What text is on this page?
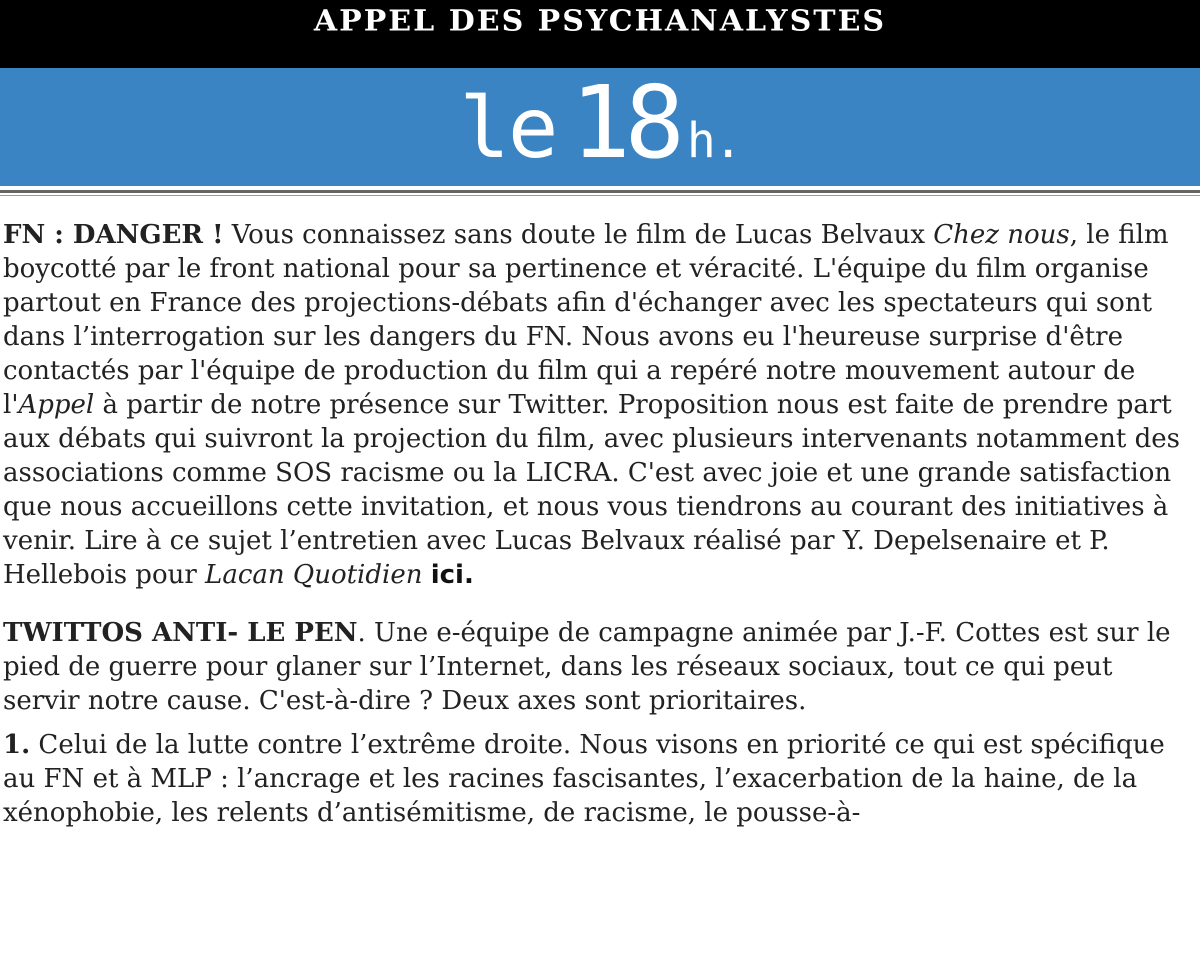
APPEL DES PSYCHANALYSTES
le 18 h.

FN : DANGER ! Vous connaissez sans doute le film de Lucas Belvaux Chez nous, le film boycotté par le front national pour sa pertinence et véracité. L'équipe du film organise partout en France des projections-débats afin d'échanger avec les spectateurs qui sont dans l’interrogation sur les dangers du FN. Nous avons eu l'heureuse surprise d'être contactés par l'équipe de production du film qui a repéré notre mouvement autour de l'Appel à partir de notre présence sur Twitter. Proposition nous est faite de prendre part aux débats qui suivront la projection du film, avec plusieurs intervenants notamment des associations comme SOS racisme ou la LICRA. C'est avec joie et une grande satisfaction que nous accueillons cette invitation, et nous vous tiendrons au courant des initiatives à venir. Lire à ce sujet l’entretien avec Lucas Belvaux réalisé par Y. Depelsenaire et P. Hellebois pour Lacan Quotidien ici.

TWITTOS ANTI- LE PEN. Une e-équipe de campagne animée par J.-F. Cottes est sur le pied de guerre pour glaner sur l’Internet, dans les réseaux sociaux, tout ce qui peut servir notre cause. C'est-à-dire ? Deux axes sont prioritaires.

1. Celui de la lutte contre l’extrême droite. Nous visons en priorité ce qui est spécifique au FN et à MLP : l’ancrage et les racines fascisantes, l’exacerbation de la haine, de la xénophobie, les relents d’antisémitisme, de racisme, le pousse-à-
